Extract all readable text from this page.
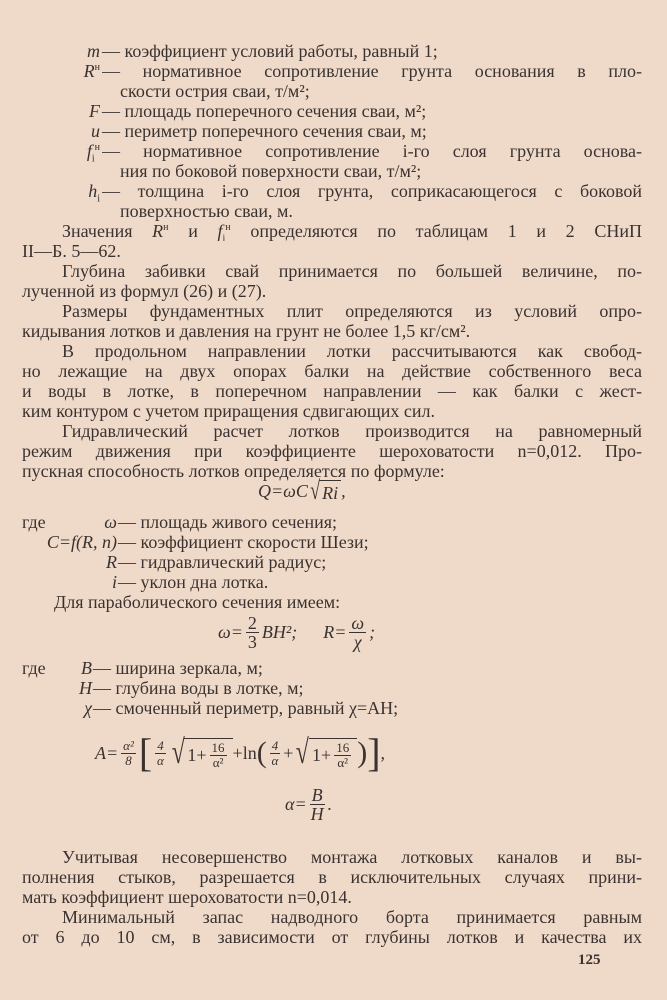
m — коэффициент условий работы, равный 1;
$R^н$ — нормативное сопротивление грунта основания в пло-
скости острия сваи, т/м²;
F — площадь поперечного сечения сваи, м²;
u — периметр поперечного сечения сваи, м;
$f_i^н$ — нормативное сопротивление i-го слоя грунта основа-
ния по боковой поверхности сваи, т/м²;
$h_i$ — толщина i-го слоя грунта, соприкасающегося с боковой
поверхностью сваи, м.
Значения $R^н$ и $f_i^н$ определяются по таблицам 1 и 2 СНиП
II—Б. 5—62.
Глубина забивки свай принимается по большей величине, по-
лученной из формул (26) и (27).
Размеры фундаментных плит определяются из условий опро-
кидывания лотков и давления на грунт не более 1,5 кг/см².
В продольном направлении лотки рассчитываются как свобод-
но лежащие на двух опорах балки на действие собственного веса
и воды в лотке, в поперечном направлении — как балки с жест-
ким контуром с учетом приращения сдвигающих сил.
Гидравлический расчет лотков производится на равномерный
режим движения при коэффициенте шероховатости n=0,012. Про-
пускная способность лотков определяется по формуле:
Q=ωC √ Ri ,
где	ω — площадь живого сечения;
C=f(R, n) — коэффициент скорости Шези;
R — гидравлический радиус;
i — уклон дна лотка.
Для параболического сечения имеем:
$\omega= \frac{2}{3} BH^2$; $R= \frac{\omega}{\chi}$ ;
где	B — ширина зеркала, м;
H — глубина воды в лотке, м;
χ — смоченный периметр, равный χ=AH;
$A= \frac{\text{α²}}{8}$ [ $\frac{4}{\alpha}$ √ $1+ \frac{16}{\text{α²}} +\ln$ ( $\frac{4}{\alpha}$ + √ $1+ \frac{16}{\text{α²}}$ ) ] ,
$\alpha= \frac{B}{H}$ .
Учитывая несовершенство монтажа лотковых каналов и вы-
полнения стыков, разрешается в исключительных случаях прини-
мать коэффициент шероховатости n=0,014.
Минимальный запас надводного борта принимается равным
от 6 до 10 см, в зависимости от глубины лотков и качества их
125
